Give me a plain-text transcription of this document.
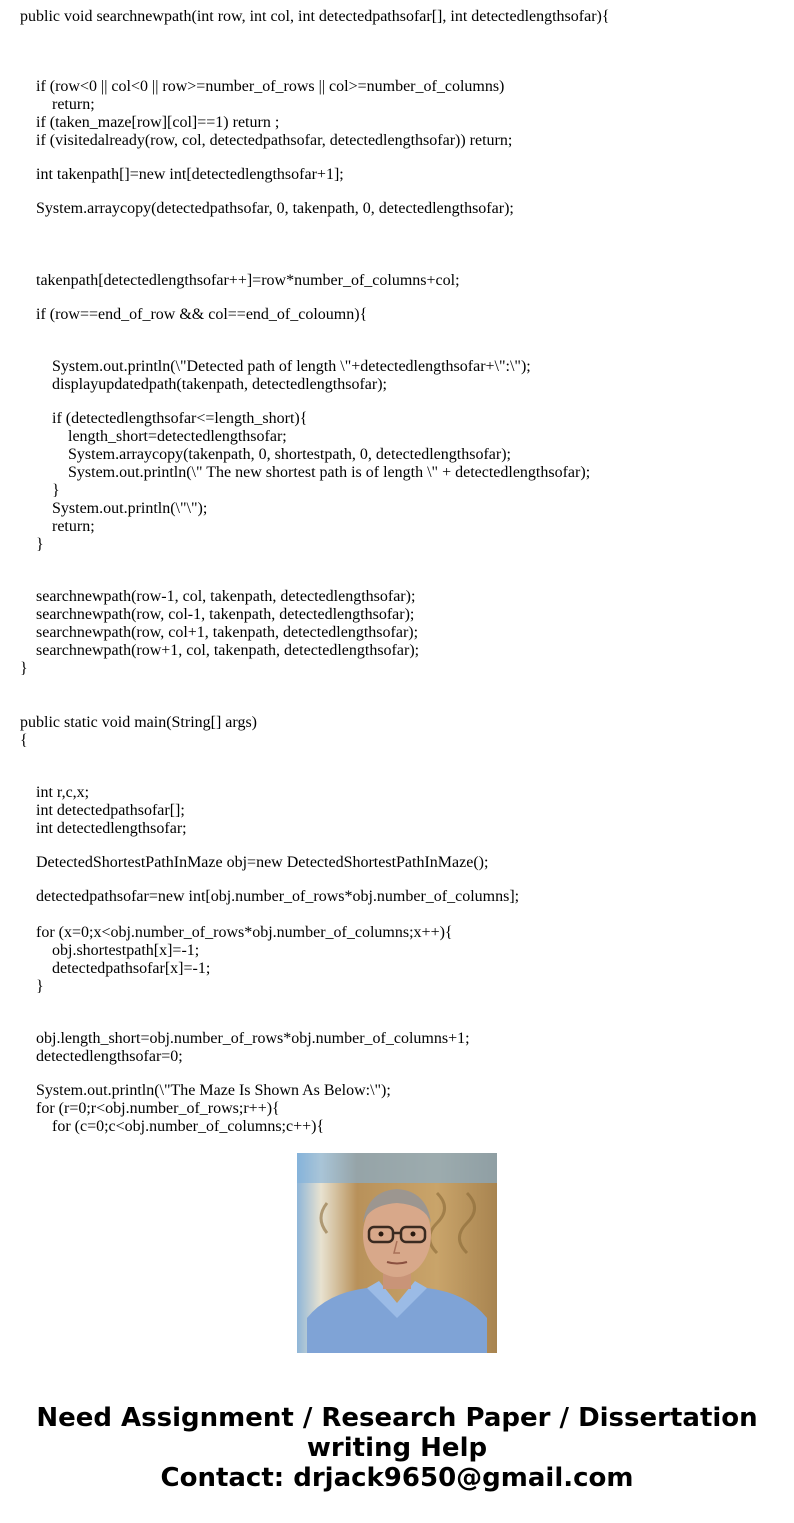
public void searchnewpath(int row, int col, int detectedpathsofar[], int detectedlengthsofar){
if (row<0 || col<0 || row>=number_of_rows || col>=number_of_columns)
return;
if (taken_maze[row][col]==1) return ;
if (visitedalready(row, col, detectedpathsofar, detectedlengthsofar)) return;
int takenpath[]=new int[detectedlengthsofar+1];
System.arraycopy(detectedpathsofar, 0, takenpath, 0, detectedlengthsofar);
takenpath[detectedlengthsofar++]=row*number_of_columns+col;
if (row==end_of_row && col==end_of_coloumn){
System.out.println(\"Detected path of length \"+detectedlengthsofar+\":\");
displayupdatedpath(takenpath, detectedlengthsofar);
if (detectedlengthsofar<=length_short){
length_short=detectedlengthsofar;
System.arraycopy(takenpath, 0, shortestpath, 0, detectedlengthsofar);
System.out.println(\" The new shortest path is of length \" + detectedlengthsofar);
}
System.out.println(\"\");
return;
}
searchnewpath(row-1, col, takenpath, detectedlengthsofar);
searchnewpath(row, col-1, takenpath, detectedlengthsofar);
searchnewpath(row, col+1, takenpath, detectedlengthsofar);
searchnewpath(row+1, col, takenpath, detectedlengthsofar);
}
public static void main(String[] args)
{
int r,c,x;
int detectedpathsofar[];
int detectedlengthsofar;
DetectedShortestPathInMaze obj=new DetectedShortestPathInMaze();
detectedpathsofar=new int[obj.number_of_rows*obj.number_of_columns];
for (x=0;x<obj.number_of_rows*obj.number_of_columns;x++){
obj.shortestpath[x]=-1;
detectedpathsofar[x]=-1;
}
obj.length_short=obj.number_of_rows*obj.number_of_columns+1;
detectedlengthsofar=0;
System.out.println(\"The Maze Is Shown As Below:\");
for (r=0;r<obj.number_of_rows;r++){
for (c=0;c<obj.number_of_columns;c++){
Need Assignment / Research Paper / Dissertation
writing Help
Contact: drjack9650@gmail.com
